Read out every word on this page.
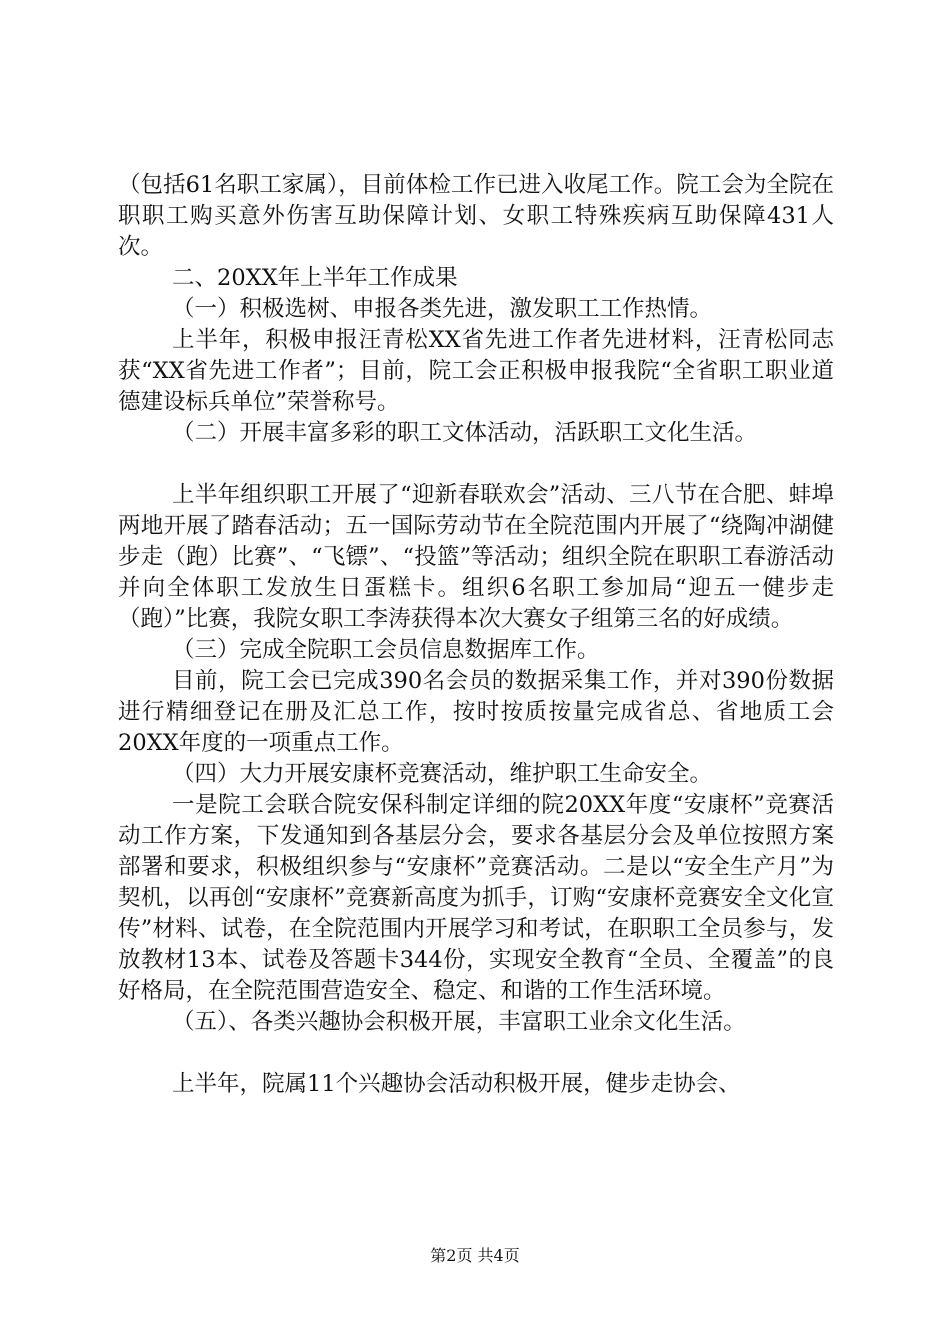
（包括61名职工家属），目前体检工作已进入收尾工作。院工会为全院在职职工购买意外伤害互助保障计划、女职工特殊疾病互助保障431人次。

二、20XX年上半年工作成果

（一）积极选树、申报各类先进，激发职工工作热情。

上半年，积极申报汪青松XX省先进工作者先进材料，汪青松同志获“XX省先进工作者”；目前，院工会正积极申报我院“全省职工职业道德建设标兵单位”荣誉称号。

（二）开展丰富多彩的职工文体活动，活跃职工文化生活。

上半年组织职工开展了“迎新春联欢会”活动、三八节在合肥、蚌埠两地开展了踏春活动；五一国际劳动节在全院范围内开展了“绕陶冲湖健步走（跑）比赛”、“飞镖”、“投篮”等活动；组织全院在职职工春游活动并向全体职工发放生日蛋糕卡。组织6名职工参加局“迎五一健步走（跑）”比赛，我院女职工李涛获得本次大赛女子组第三名的好成绩。

（三）完成全院职工会员信息数据库工作。

目前，院工会已完成390名会员的数据采集工作，并对390份数据进行精细登记在册及汇总工作，按时按质按量完成省总、省地质工会20XX年度的一项重点工作。

（四）大力开展安康杯竞赛活动，维护职工生命安全。

一是院工会联合院安保科制定详细的院20XX年度“安康杯”竞赛活动工作方案，下发通知到各基层分会，要求各基层分会及单位按照方案部署和要求，积极组织参与“安康杯”竞赛活动。二是以“安全生产月”为契机，以再创“安康杯”竞赛新高度为抓手，订购“安康杯竞赛安全文化宣传”材料、试卷，在全院范围内开展学习和考试，在职职工全员参与，发放教材13本、试卷及答题卡344份，实现安全教育“全员、全覆盖”的良好格局，在全院范围营造安全、稳定、和谐的工作生活环境。

（五）、各类兴趣协会积极开展，丰富职工业余文化生活。

上半年，院属11个兴趣协会活动积极开展，健步走协会、

第2页 共4页
